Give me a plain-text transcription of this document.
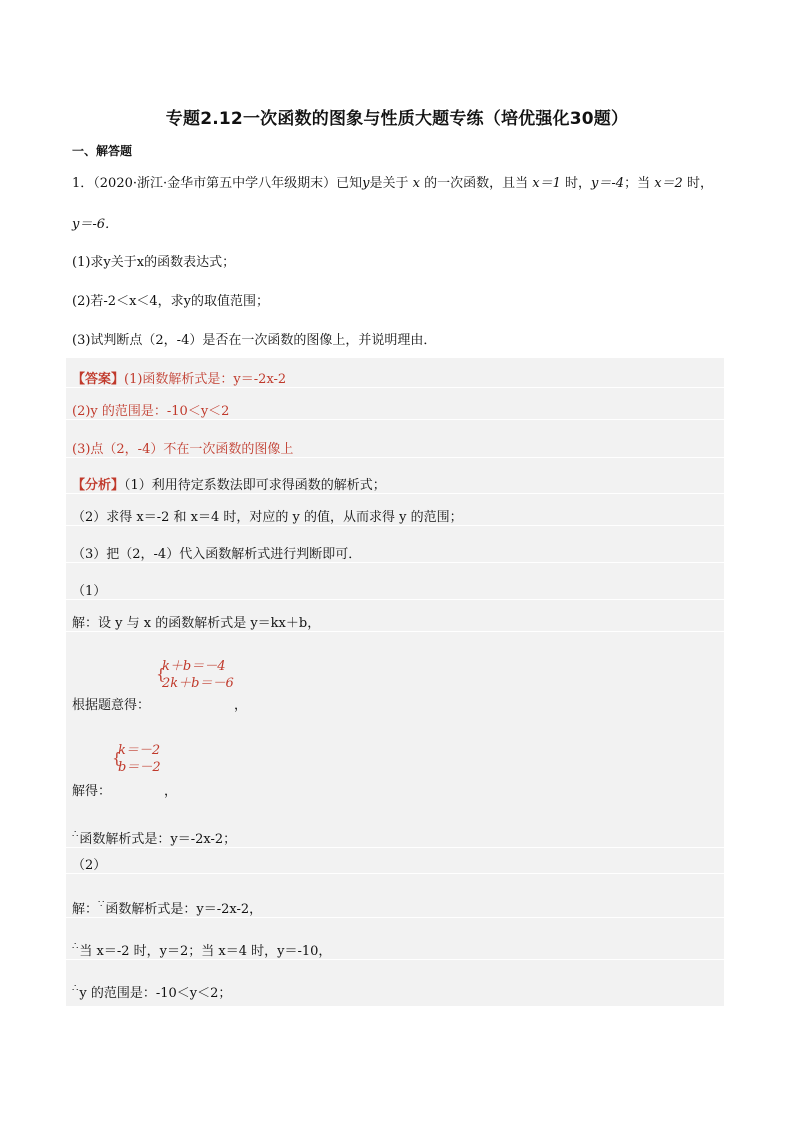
专题2.12一次函数的图象与性质大题专练（培优强化30题）
一、解答题
1．（2020·浙江·金华市第五中学八年级期末）已知y是关于 x 的一次函数，且当 x＝1 时，y＝-4；当 x＝2 时，
y＝-6．
(1)求y关于x的函数表达式；
(2)若-2＜x＜4，求y的取值范围；
(3)试判断点（2，-4）是否在一次函数的图像上，并说明理由．
【答案】(1)函数解析式是：y＝-2x-2
(2)y 的范围是：-10＜y＜2
(3)点（2，-4）不在一次函数的图像上
【分析】（1）利用待定系数法即可求得函数的解析式；
（2）求得 x＝-2 和 x＝4 时，对应的 y 的值，从而求得 y 的范围；
（3）把（2，-4）代入函数解析式进行判断即可．
（1）
解：设 y 与 x 的函数解析式是 y＝kx＋b，
根据题意得：
{
k＋b＝－4
2k＋b＝－6
，
解得：
{
k＝－2
b＝－2
，
∴函数解析式是：y＝-2x-2；
（2）
解：∵函数解析式是：y＝-2x-2，
∴当 x＝-2 时，y＝2；当 x＝4 时，y＝-10，
∴y 的范围是：-10＜y＜2；
